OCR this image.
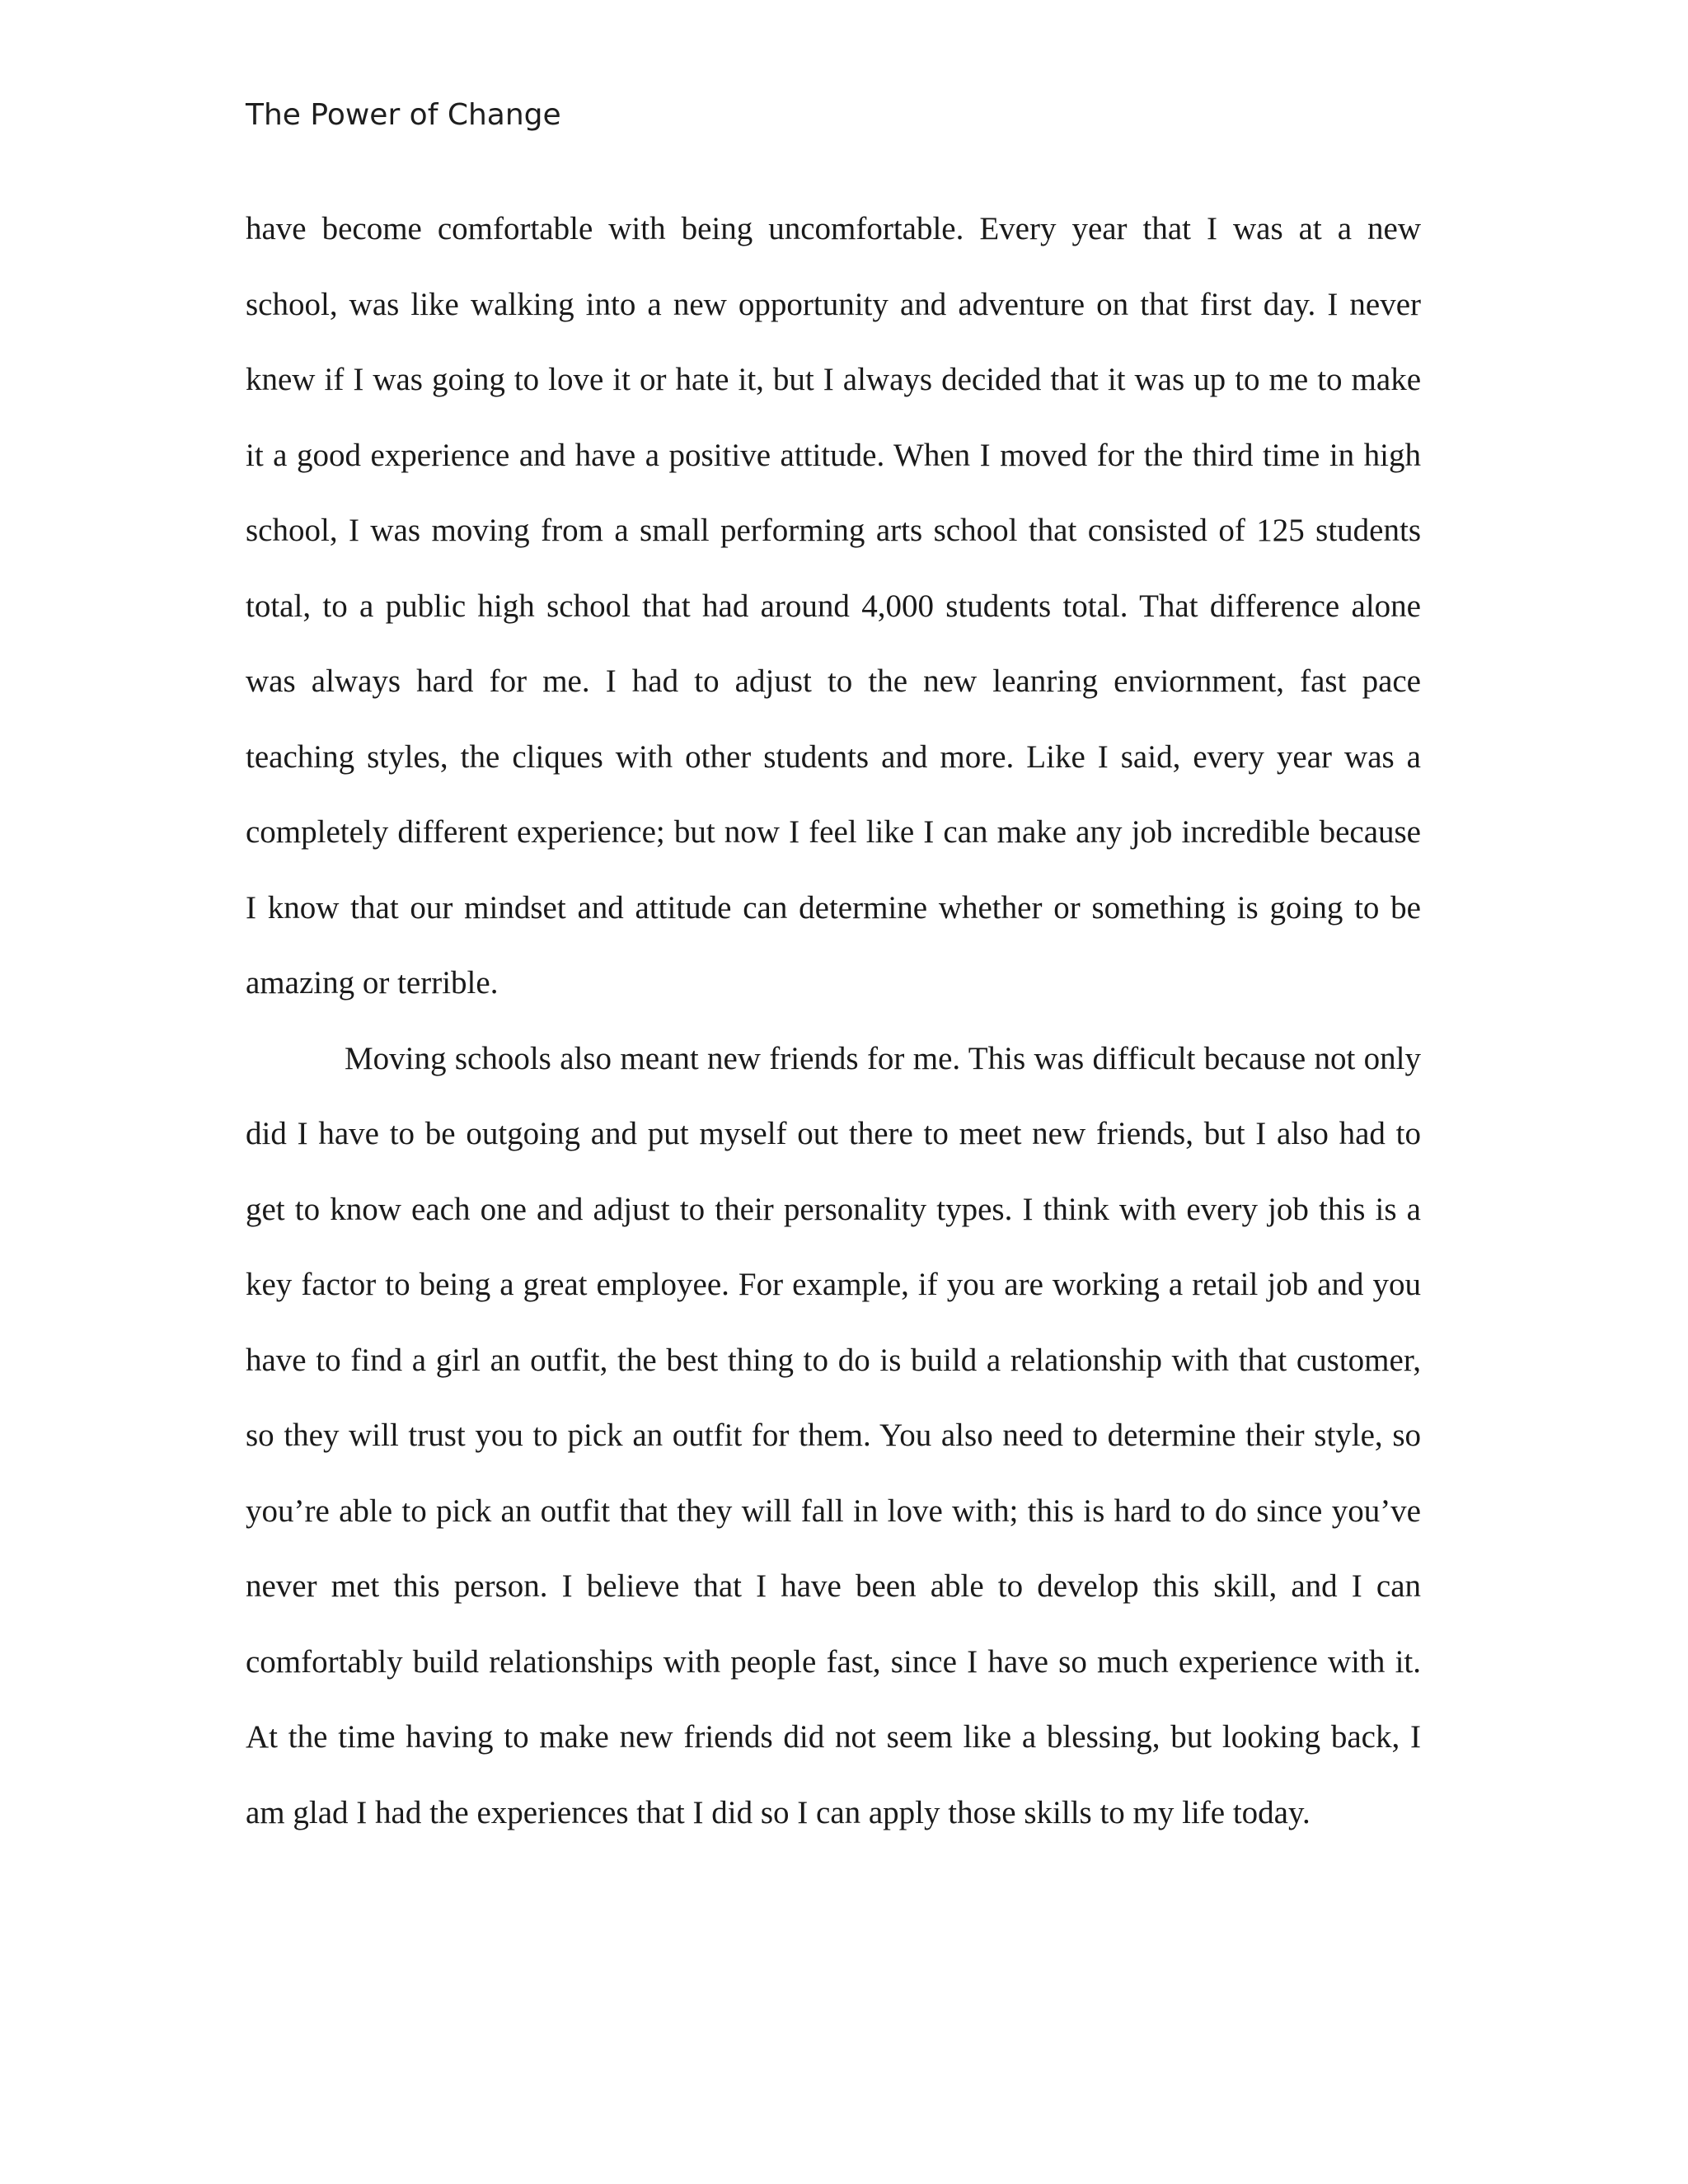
The Power of Change

have become comfortable with being uncomfortable. Every year that I was at a new school, was like walking into a new opportunity and adventure on that first day. I never knew if I was going to love it or hate it, but I always decided that it was up to me to make it a good experience and have a positive attitude. When I moved for the third time in high school, I was moving from a small performing arts school that consisted of 125 students total, to a public high school that had around 4,000 students total. That difference alone was always hard for me. I had to adjust to the new leanring enviornment, fast pace teaching styles, the cliques with other students and more. Like I said, every year was a completely different experience; but now I feel like I can make any job incredible because I know that our mindset and attitude can determine whether or something is going to be amazing or terrible.

Moving schools also meant new friends for me. This was difficult because not only did I have to be outgoing and put myself out there to meet new friends, but I also had to get to know each one and adjust to their personality types. I think with every job this is a key factor to being a great employee. For example, if you are working a retail job and you have to find a girl an outfit, the best thing to do is build a relationship with that customer, so they will trust you to pick an outfit for them. You also need to determine their style, so you’re able to pick an outfit that they will fall in love with; this is hard to do since you’ve never met this person. I believe that I have been able to develop this skill, and I can comfortably build relationships with people fast, since I have so much experience with it. At the time having to make new friends did not seem like a blessing, but looking back, I am glad I had the experiences that I did so I can apply those skills to my life today.
